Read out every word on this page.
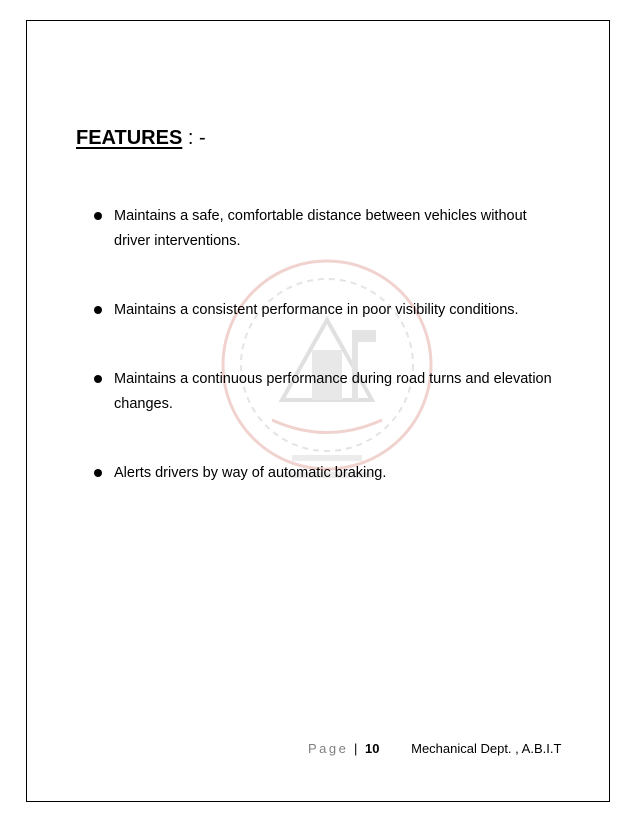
FEATURES : -
Maintains a safe, comfortable distance between vehicles without driver interventions.
Maintains a consistent performance in poor visibility conditions.
Maintains a continuous performance during road turns and elevation changes.
Alerts drivers by way of automatic braking.
Page | 10 Mechanical Dept. , A.B.I.T
